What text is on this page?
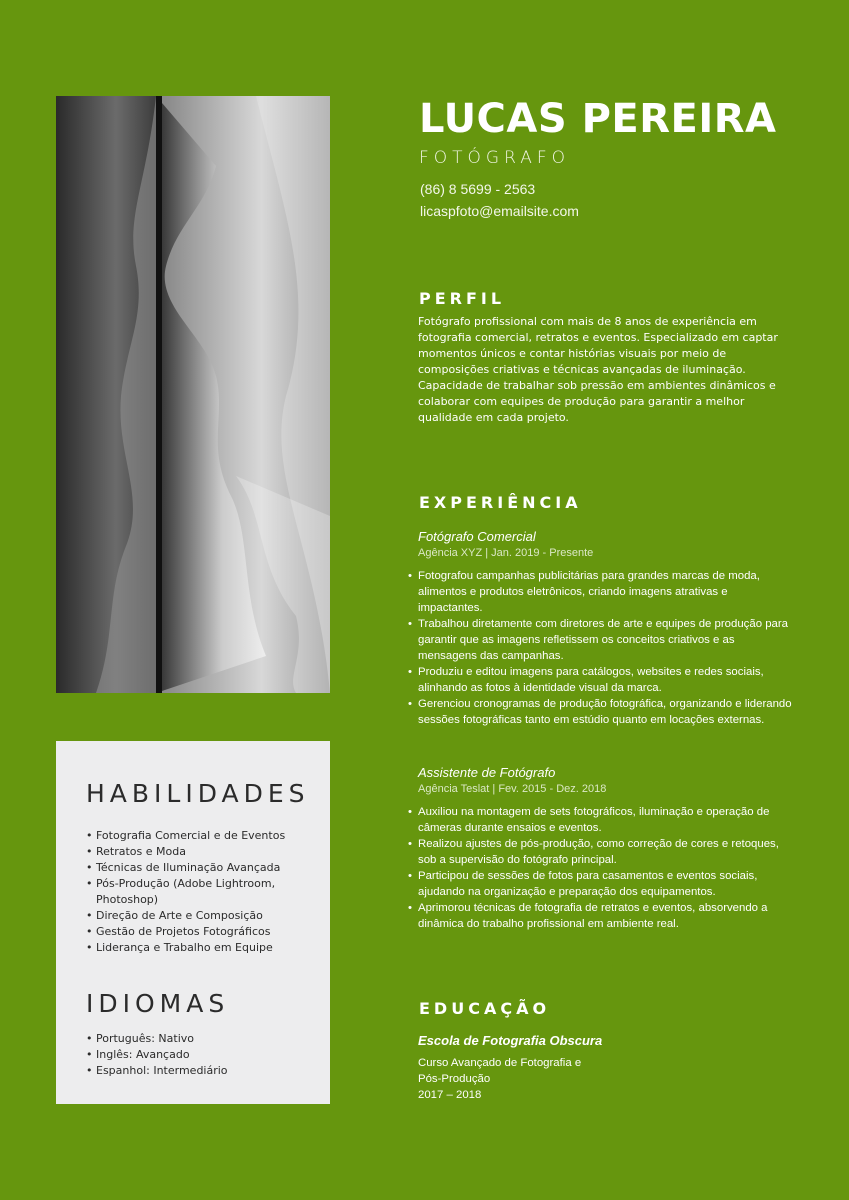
HABILIDADES
• Fotografia Comercial e de Eventos
• Retratos e Moda
• Técnicas de Iluminação Avançada
• Pós-Produção (Adobe Lightroom, Photoshop)
• Direção de Arte e Composição
• Gestão de Projetos Fotográficos
• Liderança e Trabalho em Equipe
IDIOMAS
• Português: Nativo
• Inglês: Avançado
• Espanhol: Intermediário
LUCAS PEREIRA
FOTÓGRAFO
(86) 8 5699 - 2563
licaspfoto@emailsite.com
PERFIL

Fotógrafo profissional com mais de 8 anos de experiência em fotografia comercial, retratos e eventos. Especializado em captar momentos únicos e contar histórias visuais por meio de composições criativas e técnicas avançadas de iluminação. Capacidade de trabalhar sob pressão em ambientes dinâmicos e colaborar com equipes de produção para garantir a melhor qualidade em cada projeto.

EXPERIÊNCIA
Fotógrafo Comercial
Agência XYZ | Jan. 2019 - Presente
• Fotografou campanhas publicitárias para grandes marcas de moda, alimentos e produtos eletrônicos, criando imagens atrativas e impactantes.
• Trabalhou diretamente com diretores de arte e equipes de produção para garantir que as imagens refletissem os conceitos criativos e as mensagens das campanhas.
• Produziu e editou imagens para catálogos, websites e redes sociais, alinhando as fotos à identidade visual da marca.
• Gerenciou cronogramas de produção fotográfica, organizando e liderando sessões fotográficas tanto em estúdio quanto em locações externas.
Assistente de Fotógrafo
Agência Teslat | Fev. 2015 - Dez. 2018
• Auxiliou na montagem de sets fotográficos, iluminação e operação de câmeras durante ensaios e eventos.
• Realizou ajustes de pós-produção, como correção de cores e retoques, sob a supervisão do fotógrafo principal.
• Participou de sessões de fotos para casamentos e eventos sociais, ajudando na organização e preparação dos equipamentos.
• Aprimorou técnicas de fotografia de retratos e eventos, absorvendo a dinâmica do trabalho profissional em ambiente real.
EDUCAÇÃO
Escola de Fotografia Obscura
Curso Avançado de Fotografia e
Pós-Produção
2017 – 2018
